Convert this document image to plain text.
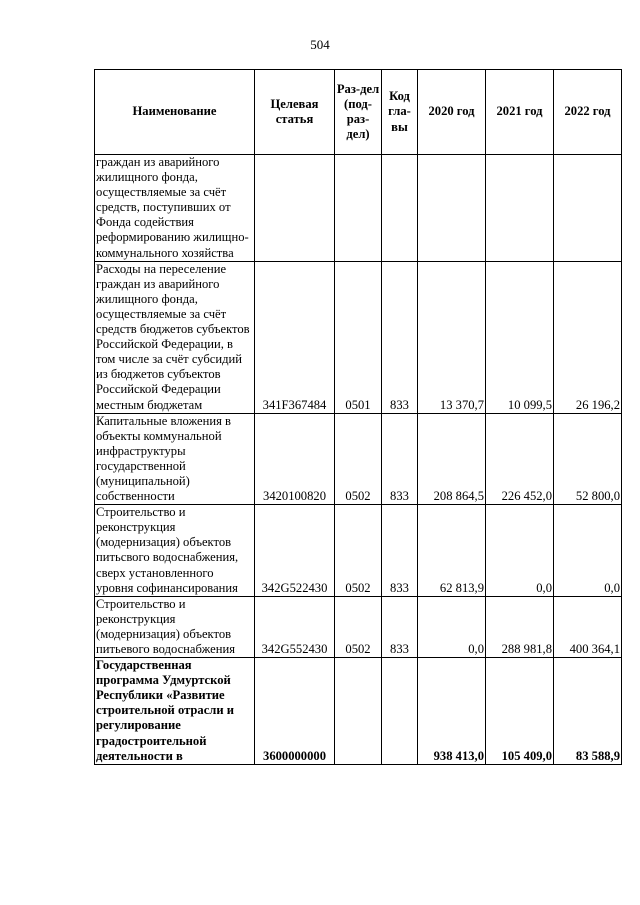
504
Наименование	Целевая статья	Раз-дел (под-раз-дел)	Код гла-вы	2020 год	2021 год	2022 год
граждан из аварийного жилищного фонда, осуществляемые за счёт средств, поступивших от Фонда содействия реформированию жилищно-коммунального хозяйства						
Расходы на переселение граждан из аварийного жилищного фонда, осуществляемые за счёт средств бюджетов субъектов Российской Федерации, в том числе за счёт субсидий из бюджетов субъектов Российской Федерации местным бюджетам	341F367484	0501	833	13 370,7	10 099,5	26 196,2
Капитальные вложения в объекты коммунальной инфраструктуры государственной (муниципальной) собственности	3420100820	0502	833	208 864,5	226 452,0	52 800,0
Строительство и реконструкция (модернизация) объектов питьсвого водоснабжения, сверх установленного уровня софинансирования	342G522430	0502	833	62 813,9	0,0	0,0
Строительство и реконструкция (модернизация) объектов питьевого водоснабжения	342G552430	0502	833	0,0	288 981,8	400 364,1
Государственная программа Удмуртской Республики «Развитие строительной отрасли и регулирование градостроительной деятельности в	3600000000			938 413,0	105 409,0	83 588,9
